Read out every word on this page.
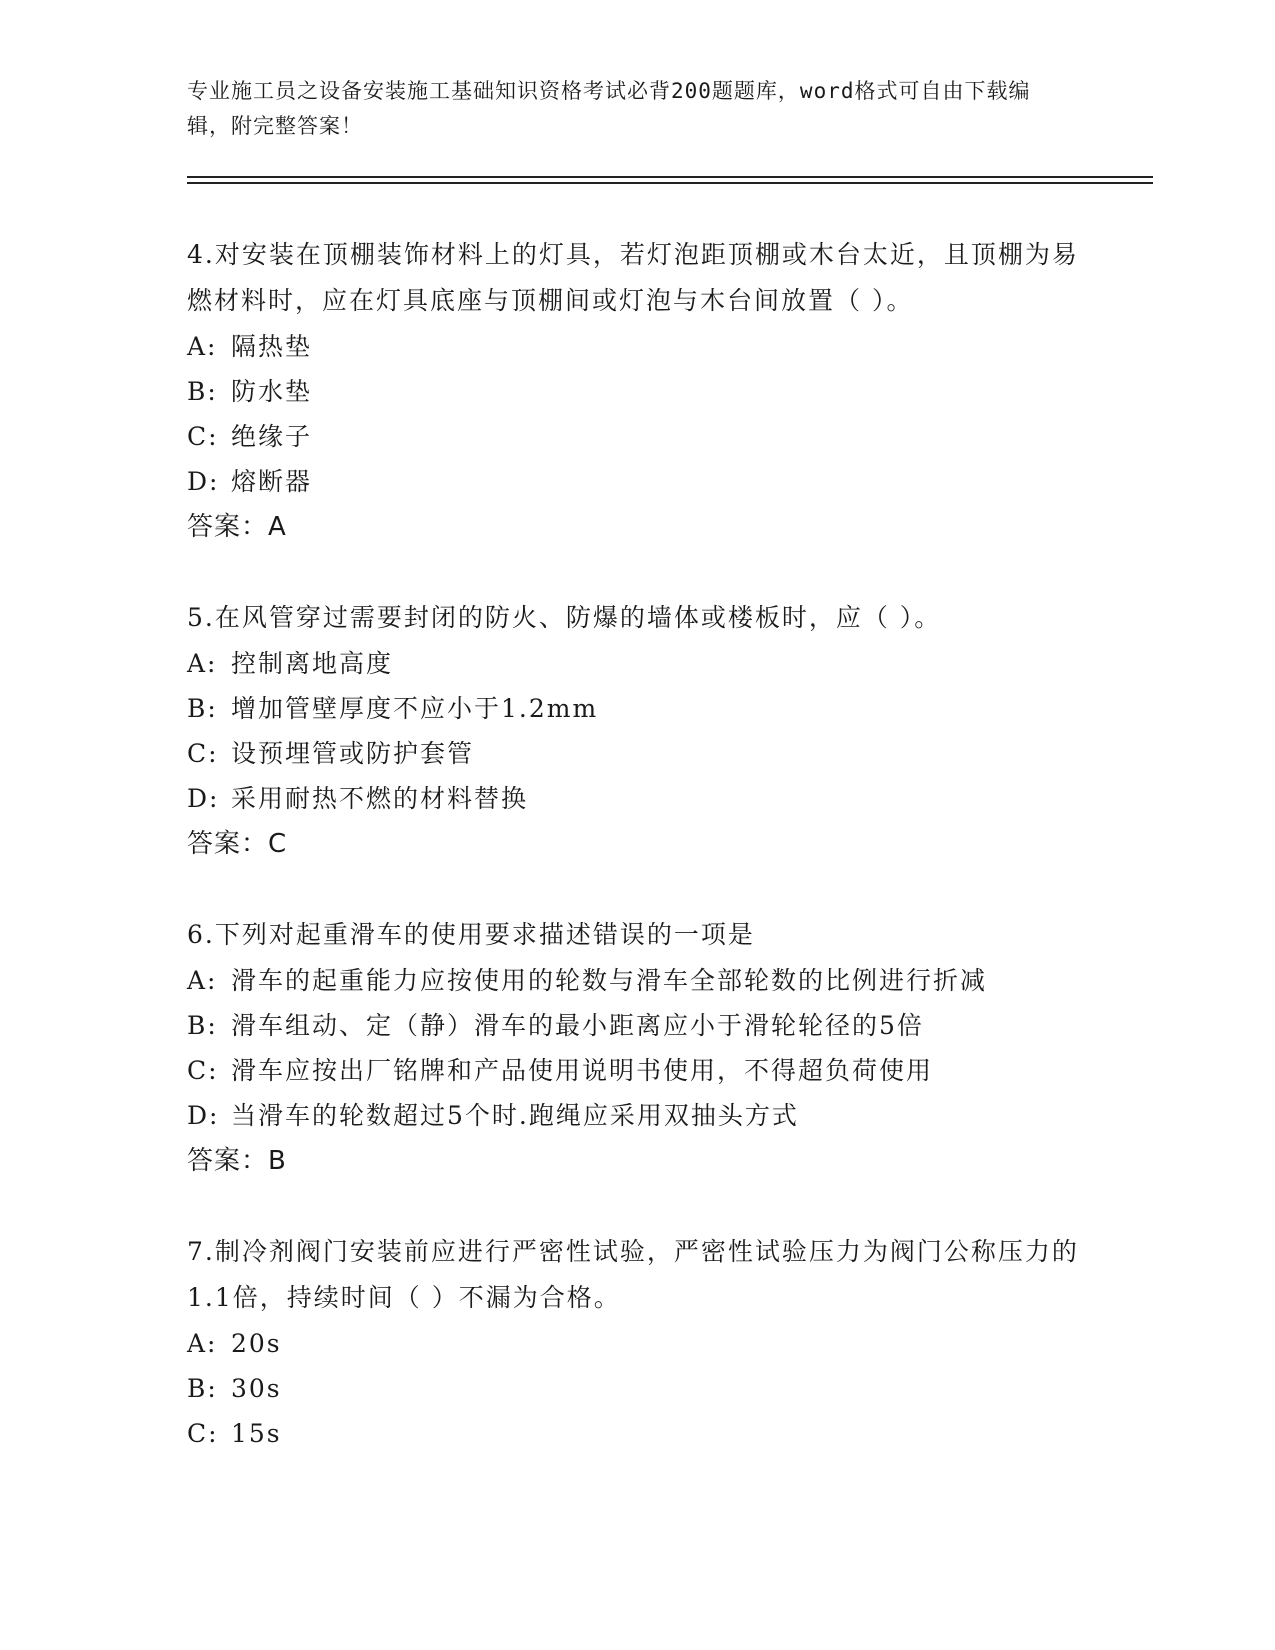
专业施工员之设备安装施工基础知识资格考试必背200题题库，word格式可自由下载编辑，附完整答案！

4.对安装在顶棚装饰材料上的灯具，若灯泡距顶棚或木台太近，且顶棚为易燃材料时，应在灯具底座与顶棚间或灯泡与木台间放置（ ）。

A: 隔热垫

B: 防水垫

C: 绝缘子

D: 熔断器

答案：A

5.在风管穿过需要封闭的防火、防爆的墙体或楼板时，应（ ）。

A: 控制离地高度

B: 增加管壁厚度不应小于1.2mm

C: 设预埋管或防护套管

D: 采用耐热不燃的材料替换

答案：C

6.下列对起重滑车的使用要求描述错误的一项是

A: 滑车的起重能力应按使用的轮数与滑车全部轮数的比例进行折减

B: 滑车组动、定（静）滑车的最小距离应小于滑轮轮径的5倍

C: 滑车应按出厂铭牌和产品使用说明书使用，不得超负荷使用

D: 当滑车的轮数超过5个时.跑绳应采用双抽头方式

答案：B

7.制冷剂阀门安装前应进行严密性试验，严密性试验压力为阀门公称压力的1.1倍，持续时间（ ）不漏为合格。

A: 20s

B: 30s

C: 15s
